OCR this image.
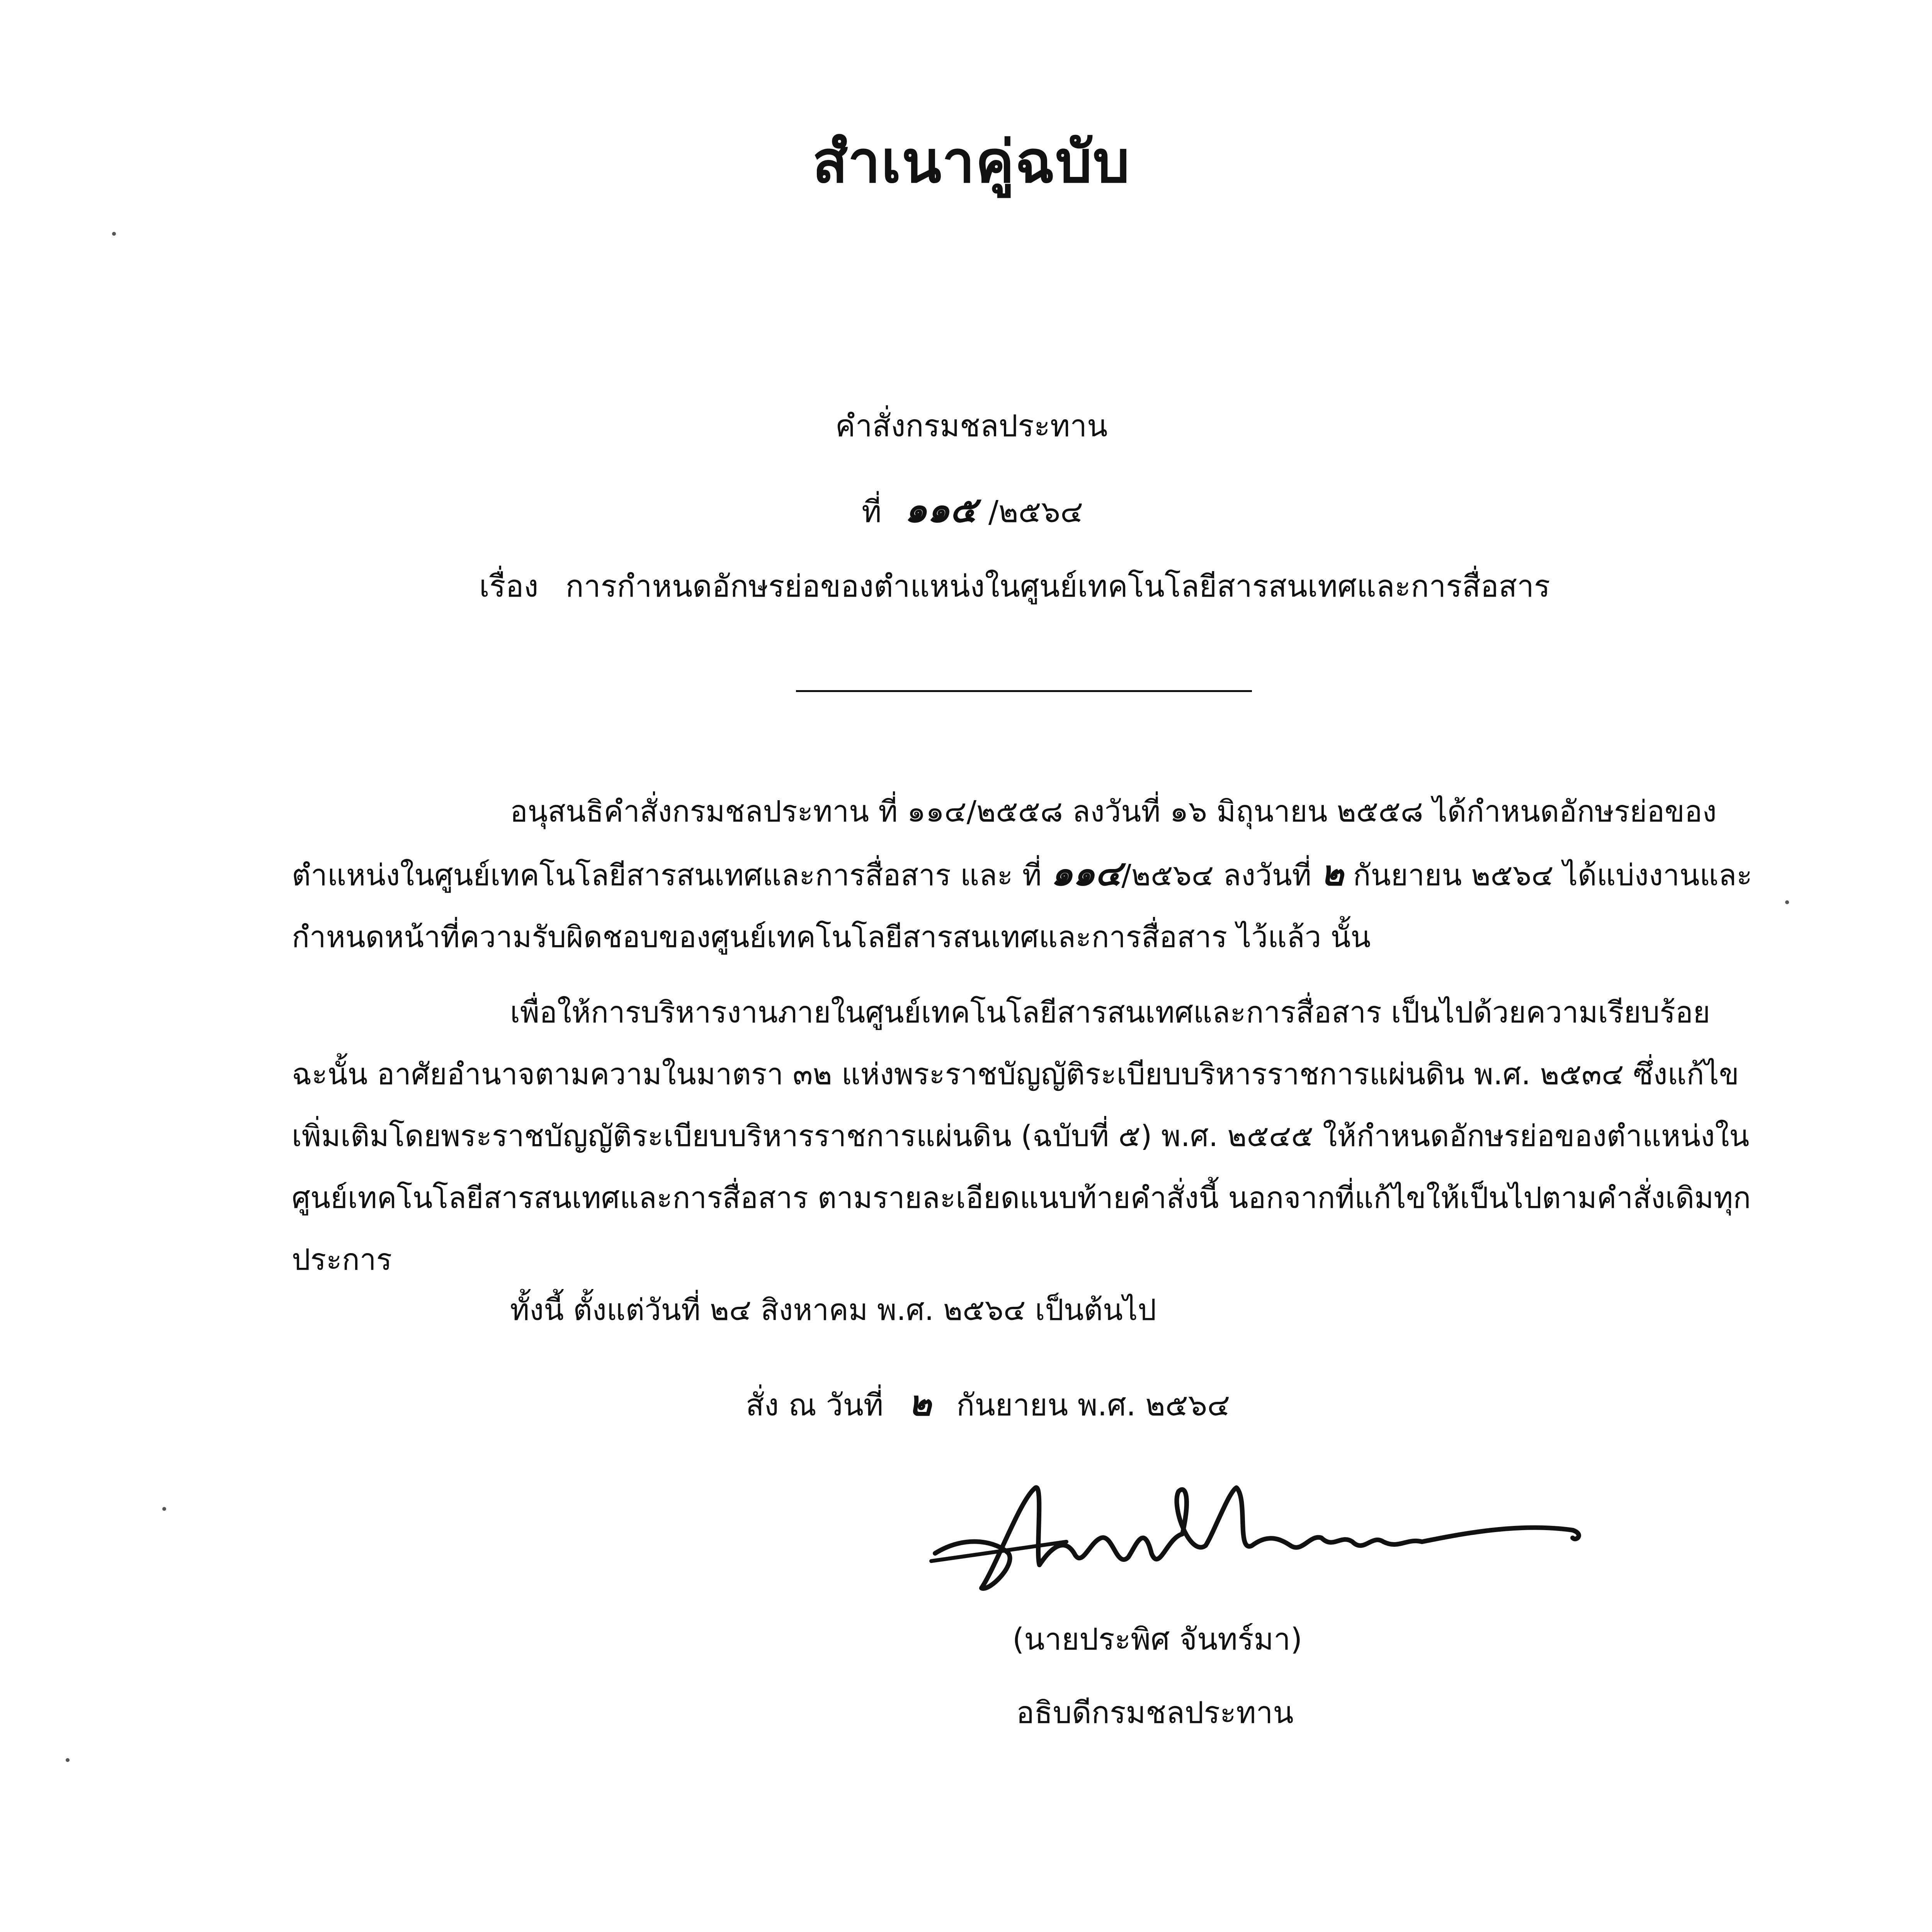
สำเนาคู่ฉบับ
คำสั่งกรมชลประทาน
ที่ ๑๑๕ /๒๕๖๔
เรื่อง การกำหนดอักษรย่อของตำแหน่งในศูนย์เทคโนโลยีสารสนเทศและการสื่อสาร
อนุสนธิคำสั่งกรมชลประทาน ที่ ๑๑๔/๒๕๕๘ ลงวันที่ ๑๖ มิถุนายน ๒๕๕๘ ได้กำหนดอักษรย่อของตำแหน่งในศูนย์เทคโนโลยีสารสนเทศและการสื่อสาร และ ที่ ๑๑๔/๒๕๖๔ ลงวันที่ ๒ กันยายน ๒๕๖๔ ได้แบ่งงานและกำหนดหน้าที่ความรับผิดชอบของศูนย์เทคโนโลยีสารสนเทศและการสื่อสาร ไว้แล้ว นั้น
เพื่อให้การบริหารงานภายในศูนย์เทคโนโลยีสารสนเทศและการสื่อสาร เป็นไปด้วยความเรียบร้อย ฉะนั้น อาศัยอำนาจตามความในมาตรา ๓๒ แห่งพระราชบัญญัติระเบียบบริหารราชการแผ่นดิน พ.ศ. ๒๕๓๔ ซึ่งแก้ไขเพิ่มเติมโดยพระราชบัญญัติระเบียบบริหารราชการแผ่นดิน (ฉบับที่ ๕) พ.ศ. ๒๕๔๕ ให้กำหนดอักษรย่อของตำแหน่งในศูนย์เทคโนโลยีสารสนเทศและการสื่อสาร ตามรายละเอียดแนบท้ายคำสั่งนี้ นอกจากที่แก้ไขให้เป็นไปตามคำสั่งเดิมทุกประการ
ทั้งนี้ ตั้งแต่วันที่ ๒๔ สิงหาคม พ.ศ. ๒๕๖๔ เป็นต้นไป
สั่ง ณ วันที่ ๒ กันยายน พ.ศ. ๒๕๖๔
(นายประพิศ จันทร์มา)
อธิบดีกรมชลประทาน
